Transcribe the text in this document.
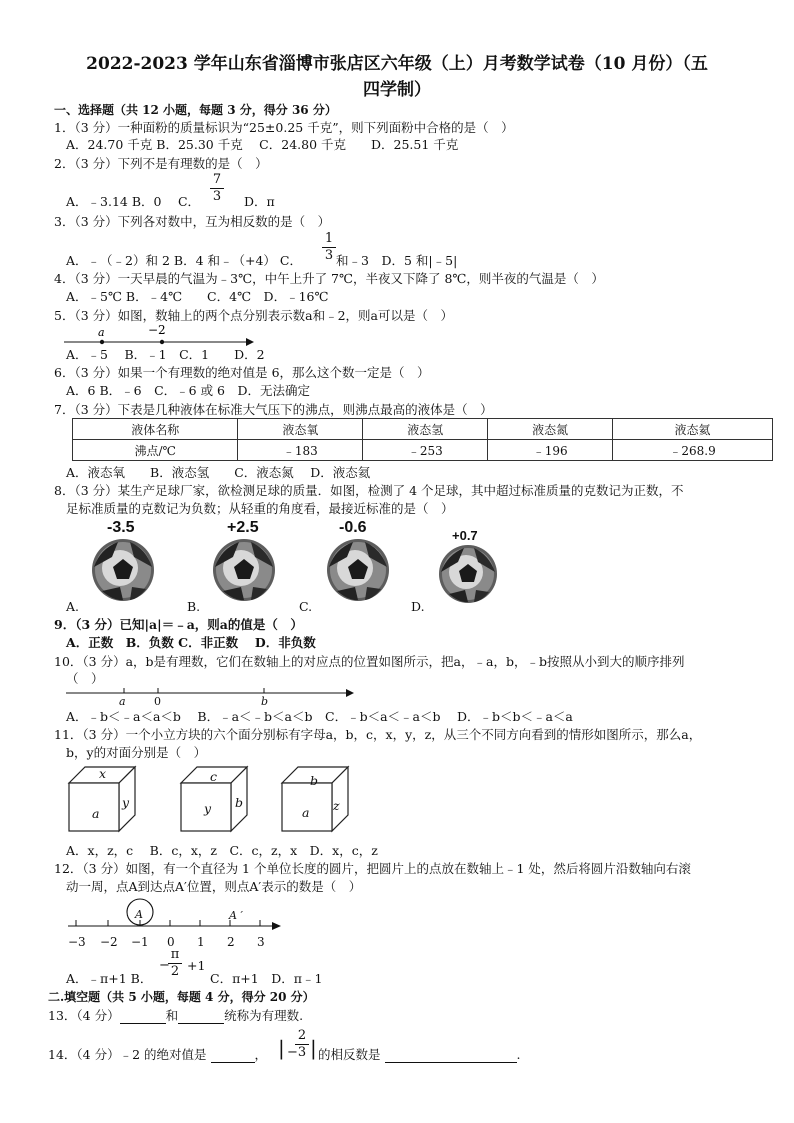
2022-2023 学年山东省淄博市张店区六年级（上）月考数学试卷（10 月份）（五
四学制）
一、选择题（共 12 小题，每题 3 分，得分 36 分）
1．（3 分）一种面粉的质量标识为“25±0.25 千克”，则下列面粉中合格的是（　）
A．24.70 千克 B．25.30 千克　 C．24.80 千克　　D．25.51 千克
2．（3 分）下列不是有理数的是（　）
A．﹣3.14 B．0　 C．
7
3 D．π
3．（3 分）下列各对数中，互为相反数的是（　）
A．﹣（﹣2）和 2 B．4 和﹣（+4） C．
1
3 和﹣3　D．5 和|﹣5|
4．（3 分）一天早晨的气温为﹣3℃，中午上升了 7℃，半夜又下降了 8℃，则半夜的气温是（　）
A．﹣5℃ B．﹣4℃　　C．4℃　D．﹣16℃
5．（3 分）如图，数轴上的两个点分别表示数a和﹣2，则a可以是（　）
a	−2
A．﹣5　 B．﹣1　C．1　　D．2
6．（3 分）如果一个有理数的绝对值是 6，那么这个数一定是（　）
A．6 B．﹣6　C．﹣6 或 6　D．无法确定
7．（3 分）下表是几种液体在标准大气压下的沸点，则沸点最高的液体是（　）
液体名称	液态氧	液态氢	液态氮	液态氦
沸点/℃	﹣183	﹣253	﹣196	﹣268.9
A．液态氧　　B．液态氢　　C．液态氮　 D．液态氦
8．（3 分）某生产足球厂家，欲检测足球的质量．如图，检测了 4 个足球，其中超过标准质量的克数记为正数，不
足标准质量的克数记为负数；从轻重的角度看，最接近标准的是（　）
-3.5
A.
+2.5
B.
-0.6
C.
+0.7
D.
9．（3 分）已知|a|＝﹣a，则a的值是（　）
A．正数　B．负数 C．非正数　 D．非负数
10．（3 分）a，b是有理数，它们在数轴上的对应点的位置如图所示，把a，﹣a，b，﹣b按照从小到大的顺序排列
（　）
a	0	b
A．﹣b＜﹣a＜a＜b　 B．﹣a＜﹣b＜a＜b　C．﹣b＜a＜﹣a＜b　 D．﹣b＜b＜﹣a＜a
11．（3 分）一个小立方块的六个面分别标有字母a，b，c，x，y，z，从三个不同方向看到的情形如图所示，那么a，
b，y的对面分别是（　）
x
a
y
c
y b
b
a z
A．x，z，c　 B．c，x，z　C．c，z，x　D．x，c，z
12．（3 分）如图，有一个直径为 1 个单位长度的圆片，把圆片上的点放在数轴上﹣1 处，然后将圆片沿数轴向右滚
动一周，点A到达点A′位置，则点A′表示的数是（　）
A	A ′
−3 −2 −1 0 1 2 3
A．﹣π+1 B．
−
π
2 +1
C．π+1　D．π﹣1
二.填空题（共 5 小题，每题 4 分，得分 20 分）
13．（4 分）	和	统称为有理数.
14．（4 分）﹣2 的绝对值是	， | −
2
3 | 的相反数是	.
